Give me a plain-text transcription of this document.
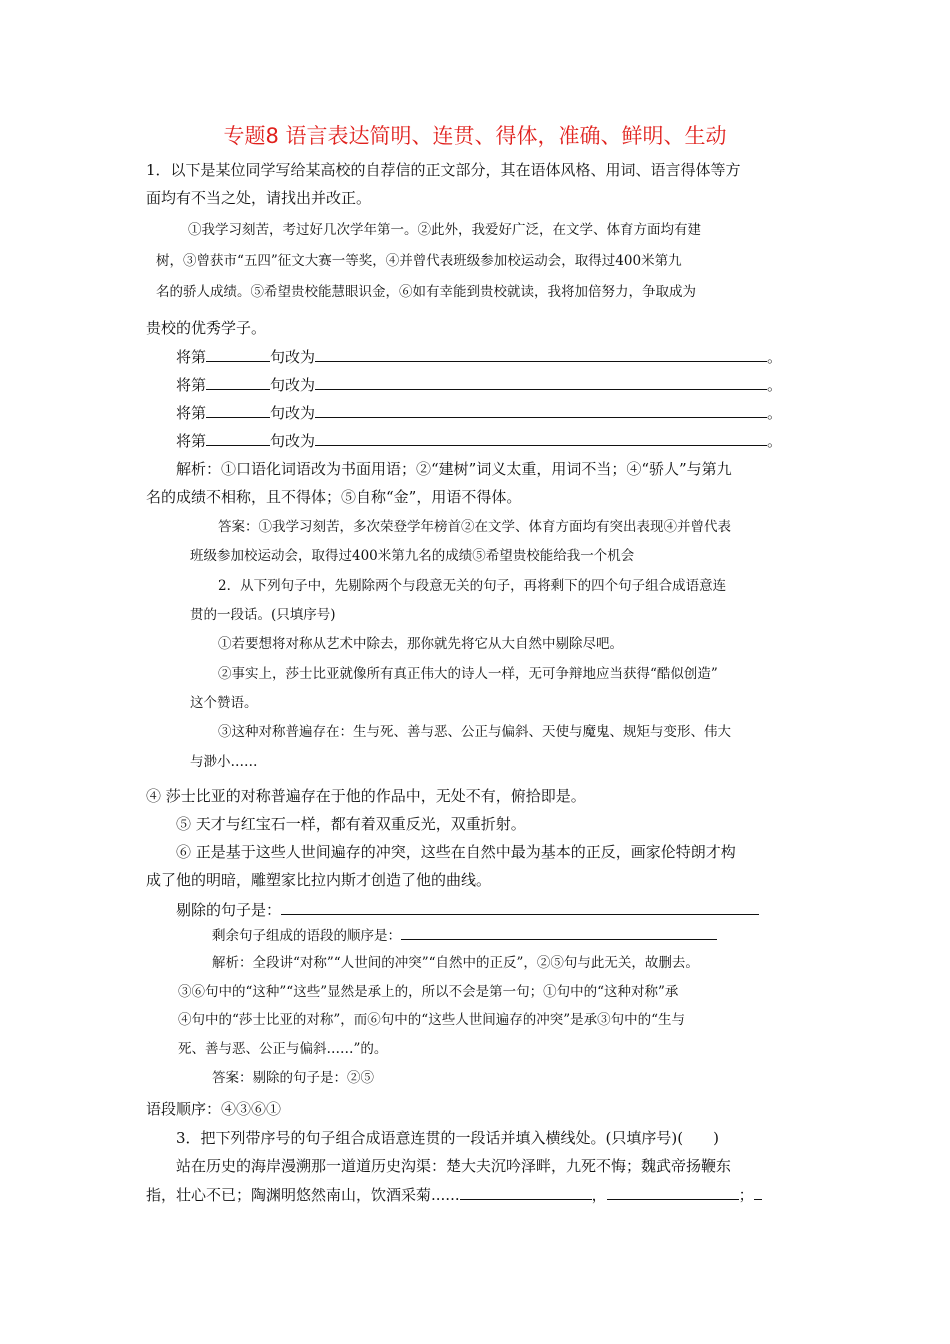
专题8 语言表达简明、连贯、得体，准确、鲜明、生动
1．以下是某位同学写给某高校的自荐信的正文部分，其在语体风格、用词、语言得体等方
面均有不当之处，请找出并改正。
①我学习刻苦，考过好几次学年第一。②此外，我爱好广泛，在文学、体育方面均有建
树，③曾获市“五四”征文大赛一等奖，④并曾代表班级参加校运动会，取得过400米第九
名的骄人成绩。⑤希望贵校能慧眼识金，⑥如有幸能到贵校就读，我将加倍努力，争取成为
贵校的优秀学子。
将第	句改为	。
将第	句改为	。
将第	句改为	。
将第	句改为	。
解析：①口语化词语改为书面用语；②“建树”词义太重，用词不当；④“骄人”与第九
名的成绩不相称，且不得体；⑤自称“金”，用语不得体。
答案：①我学习刻苦，多次荣登学年榜首②在文学、体育方面均有突出表现④并曾代表
班级参加校运动会，取得过400米第九名的成绩⑤希望贵校能给我一个机会
2．从下列句子中，先剔除两个与段意无关的句子，再将剩下的四个句子组合成语意连
贯的一段话。(只填序号)
①若要想将对称从艺术中除去，那你就先将它从大自然中剔除尽吧。
②事实上，莎士比亚就像所有真正伟大的诗人一样，无可争辩地应当获得“酷似创造”
这个赞语。
③这种对称普遍存在：生与死、善与恶、公正与偏斜、天使与魔鬼、规矩与变形、伟大
与渺小……
④ 莎士比亚的对称普遍存在于他的作品中，无处不有，俯拾即是。
⑤ 天才与红宝石一样，都有着双重反光，双重折射。
⑥ 正是基于这些人世间遍存的冲突，这些在自然中最为基本的正反，画家伦特朗才构
成了他的明暗，雕塑家比拉内斯才创造了他的曲线。
剔除的句子是：
剩余句子组成的语段的顺序是：
解析：全段讲“对称”“人世间的冲突”“自然中的正反”，②⑤句与此无关，故删去。
③⑥句中的“这种”“这些”显然是承上的，所以不会是第一句；①句中的“这种对称”承
④句中的“莎士比亚的对称”，而⑥句中的“这些人世间遍存的冲突”是承③句中的“生与
死、善与恶、公正与偏斜……”的。
答案：剔除的句子是：②⑤
语段顺序：④③⑥①
3．把下列带序号的句子组合成语意连贯的一段话并填入横线处。(只填序号)(　　)
站在历史的海岸漫溯那一道道历史沟渠：楚大夫沉吟泽畔，九死不悔；魏武帝扬鞭东
指，壮心不已；陶渊明悠然南山，饮酒采菊......	，	；
